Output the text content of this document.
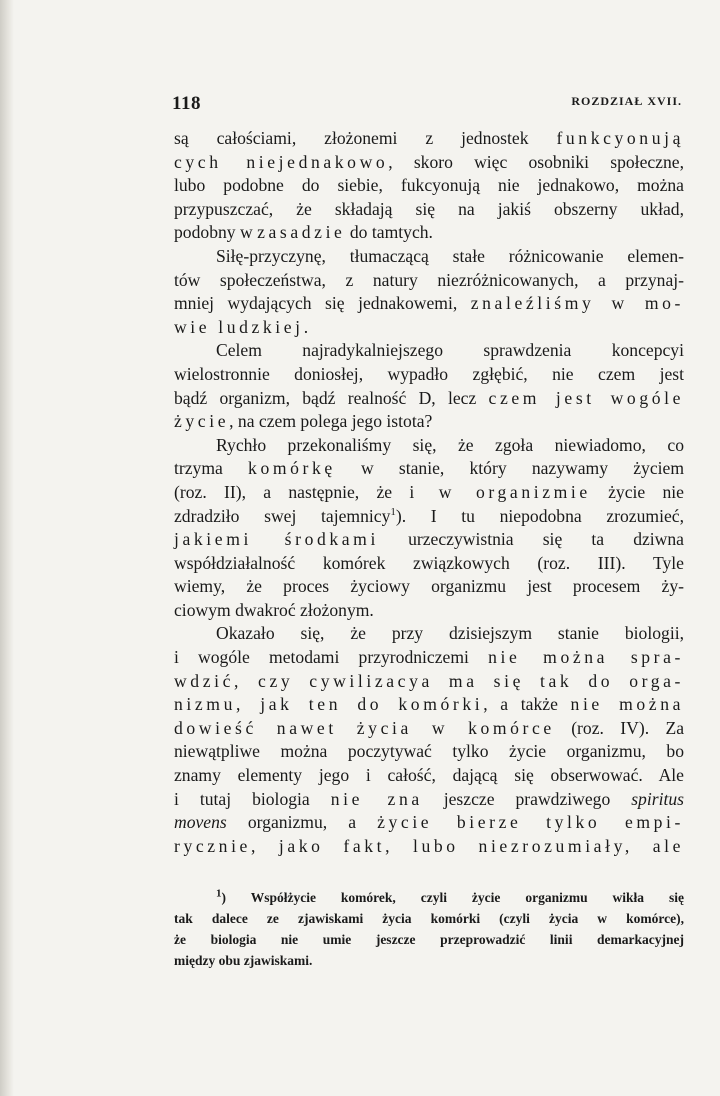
118	ROZDZIAŁ XVII.
są całościami, złożonemi z jednostek funkcyonują
cych niejednakowo, skoro więc osobniki społeczne,
lubo podobne do siebie, fukcyonują nie jednakowo, można
przypuszczać, że składają się na jakiś obszerny układ,
podobny w zasadzie do tamtych.
Siłę-przyczynę, tłumaczącą stałe różnicowanie elemen-
tów społeczeństwa, z natury niezróżnicowanych, a przynaj-
mniej wydających się jednakowemi, znaleźliśmy w mo-
wie ludzkiej.
Celem najradykalniejszego sprawdzenia koncepcyi
wielostronnie doniosłej, wypadło zgłębić, nie czem jest
bądź organizm, bądź realność D, lecz czem jest wogóle
życie, na czem polega jego istota?
Rychło przekonaliśmy się, że zgoła niewiadomo, co
trzyma komórkę w stanie, który nazywamy życiem
(roz. II), a następnie, że i w organizmie życie nie
zdradziło swej tajemnicy$^1$). I tu niepodobna zrozumieć,
jakiemi środkami urzeczywistnia się ta dziwna
współdziałalność komórek związkowych (roz. III). Tyle
wiemy, że proces życiowy organizmu jest procesem ży-
ciowym dwakroć złożonym.
Okazało się, że przy dzisiejszym stanie biologii,
i wogóle metodami przyrodniczemi nie można spra-
wdzić, czy cywilizacya ma się tak do orga-
nizmu, jak ten do komórki, a także nie można
dowieść nawet życia w komórce (roz. IV). Za
niewątpliwe można poczytywać tylko życie organizmu, bo
znamy elementy jego i całość, dającą się obserwować. Ale
i tutaj biologia nie zna jeszcze prawdziwego spiritus
movens organizmu, a życie bierze tylko empi-
rycznie, jako fakt, lubo niezrozumiały, ale
$^1$) Współżycie komórek, czyli życie organizmu wikła się
tak dalece ze zjawiskami życia komórki (czyli życia w komórce),
że biologia nie umie jeszcze przeprowadzić linii demarkacyjnej
między obu zjawiskami.
